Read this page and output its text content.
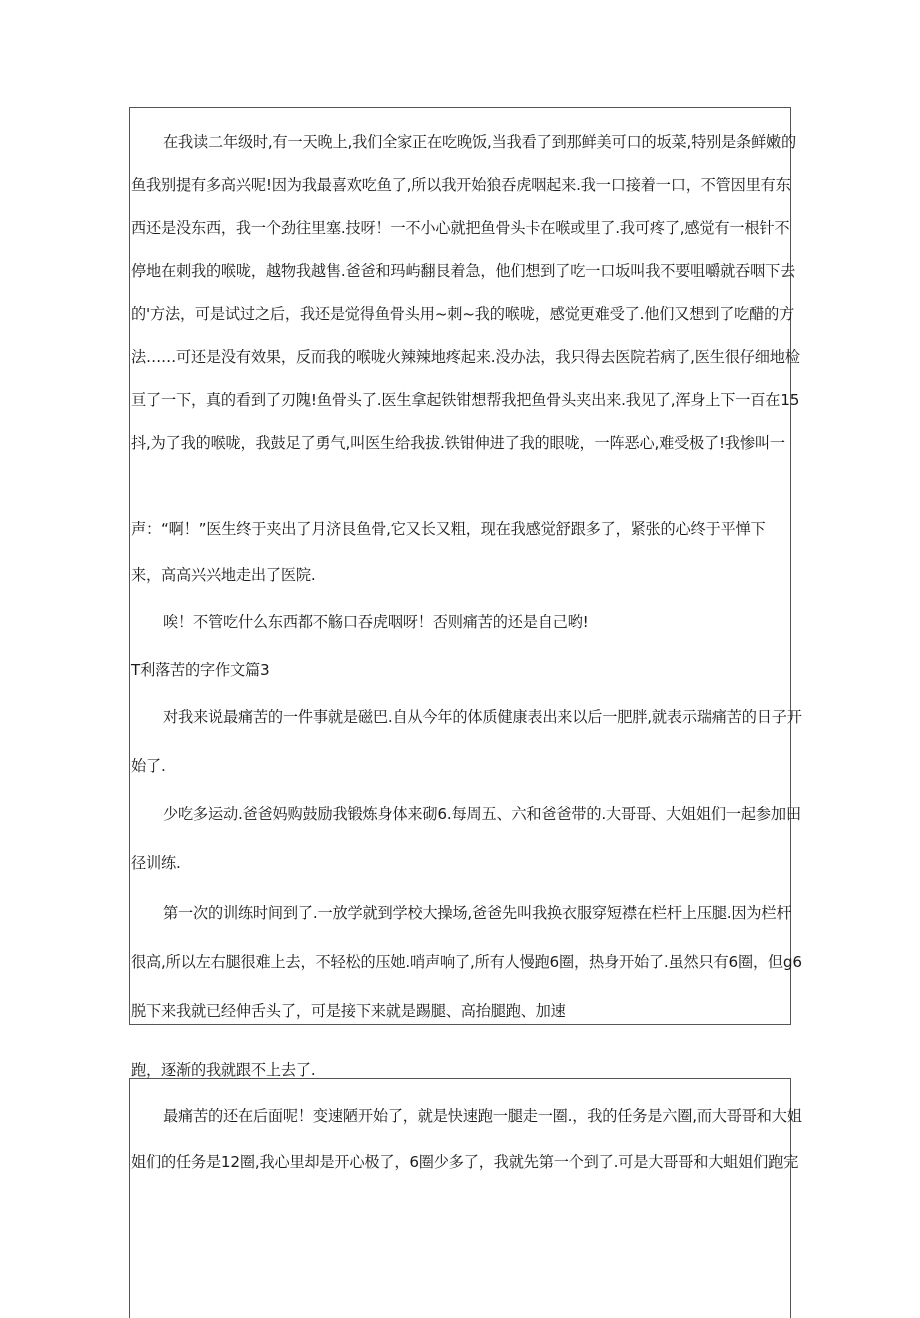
在我读二年级时,有一天晚上,我们全家正在吃晚饭,当我看了到那鲜美可口的坂菜,特别是条鲜嫩的
鱼我别提有多高兴呢!因为我最喜欢吃鱼了,所以我开始狼吞虎咽起来.我一口接着一口，不管因里有东
西还是没东西，我一个劲往里塞.技呀！一不小心就把鱼骨头卡在喉或里了.我可疼了,感觉有一根针不
停地在刺我的喉咙，越物我越售.爸爸和玛屿翻艮着急，他们想到了吃一口坂叫我不要咀嚼就吞咽下去
的'方法，可是试过之后，我还是觉得鱼骨头用~刺~我的喉咙，感觉更难受了.他们又想到了吃醋的方
法……可还是没有效果，反而我的喉咙火辣辣地疼起来.没办法，我只得去医院若病了,医生很仔细地检
亘了一下，真的看到了刃隗!鱼骨头了.医生拿起铁钳想帮我把鱼骨头夹出来.我见了,浑身上下一百在15
抖,为了我的喉咙，我鼓足了勇气,叫医生给我拔.铁钳伸进了我的眼咙，一阵恶心,难受极了!我惨叫一
声：“啊！”医生终于夹出了月济艮鱼骨,它又长又粗，现在我感觉舒跟多了，紧张的心终于平惮下
来，高高兴兴地走出了医院.
唉！不管吃什么东西都不觞口吞虎咽呀！否则痛苦的还是自己哟!
T利落苦的字作文篇3
对我来说最痛苦的一件事就是磁巴.自从今年的体质健康表出来以后一肥胖,就表示瑞痛苦的日子开
始了.
少吃多运动.爸爸妈购鼓励我锻炼身体来砌6.每周五、六和爸爸带的.大哥哥、大姐姐们一起参加田
径训练.
第一次的训练时间到了.一放学就到学校大操场,爸爸先叫我换衣服穿短襟在栏杆上压腿.因为栏杆
很高,所以左右腿很难上去，不轻松的压她.哨声响了,所有人慢跑6圈，热身开始了.虽然只有6圈，但g6
脱下来我就已经伸舌头了，可是接下来就是踢腿、高抬腿跑、加速
跑，逐渐的我就跟不上去了.
最痛苦的还在后面呢！变速陋开始了，就是快速跑一腿走一圈.，我的任务是六圈,而大哥哥和大姐
姐们的任务是12圈,我心里却是开心极了，6圈少多了，我就先第一个到了.可是大哥哥和大蛆姐们跑完
